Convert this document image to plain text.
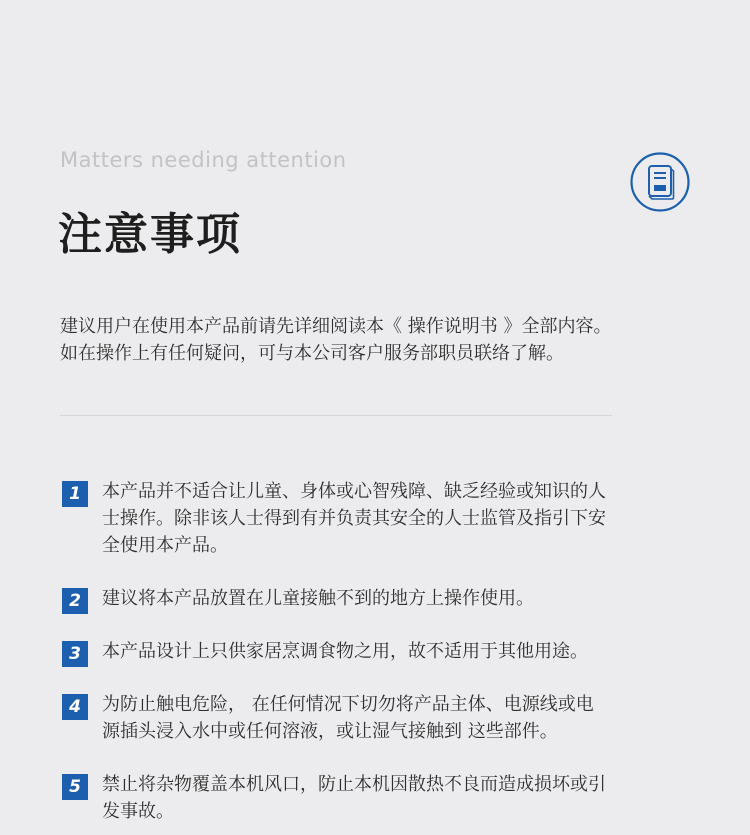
Matters needing attention
注意事项

建议用户在使用本产品前请先详细阅读本《 操作说明书 》全部内容。

如在操作上有任何疑问，可与本公司客户服务部职员联络了解。

1	本产品并不适合让儿童、身体或心智残障、缺乏经验或知识的人
士操作。除非该人士得到有并负责其安全的人士监管及指引下安
全使用本产品。
2	建议将本产品放置在儿童接触不到的地方上操作使用。
3	本产品设计上只供家居烹调食物之用，故不适用于其他用途。
4	为防止触电危险， 在任何情况下切勿将产品主体、电源线或电
源插头浸入水中或任何溶液，或让湿气接触到 这些部件。
5	禁止将杂物覆盖本机风口，防止本机因散热不良而造成损坏或引
发事故。
